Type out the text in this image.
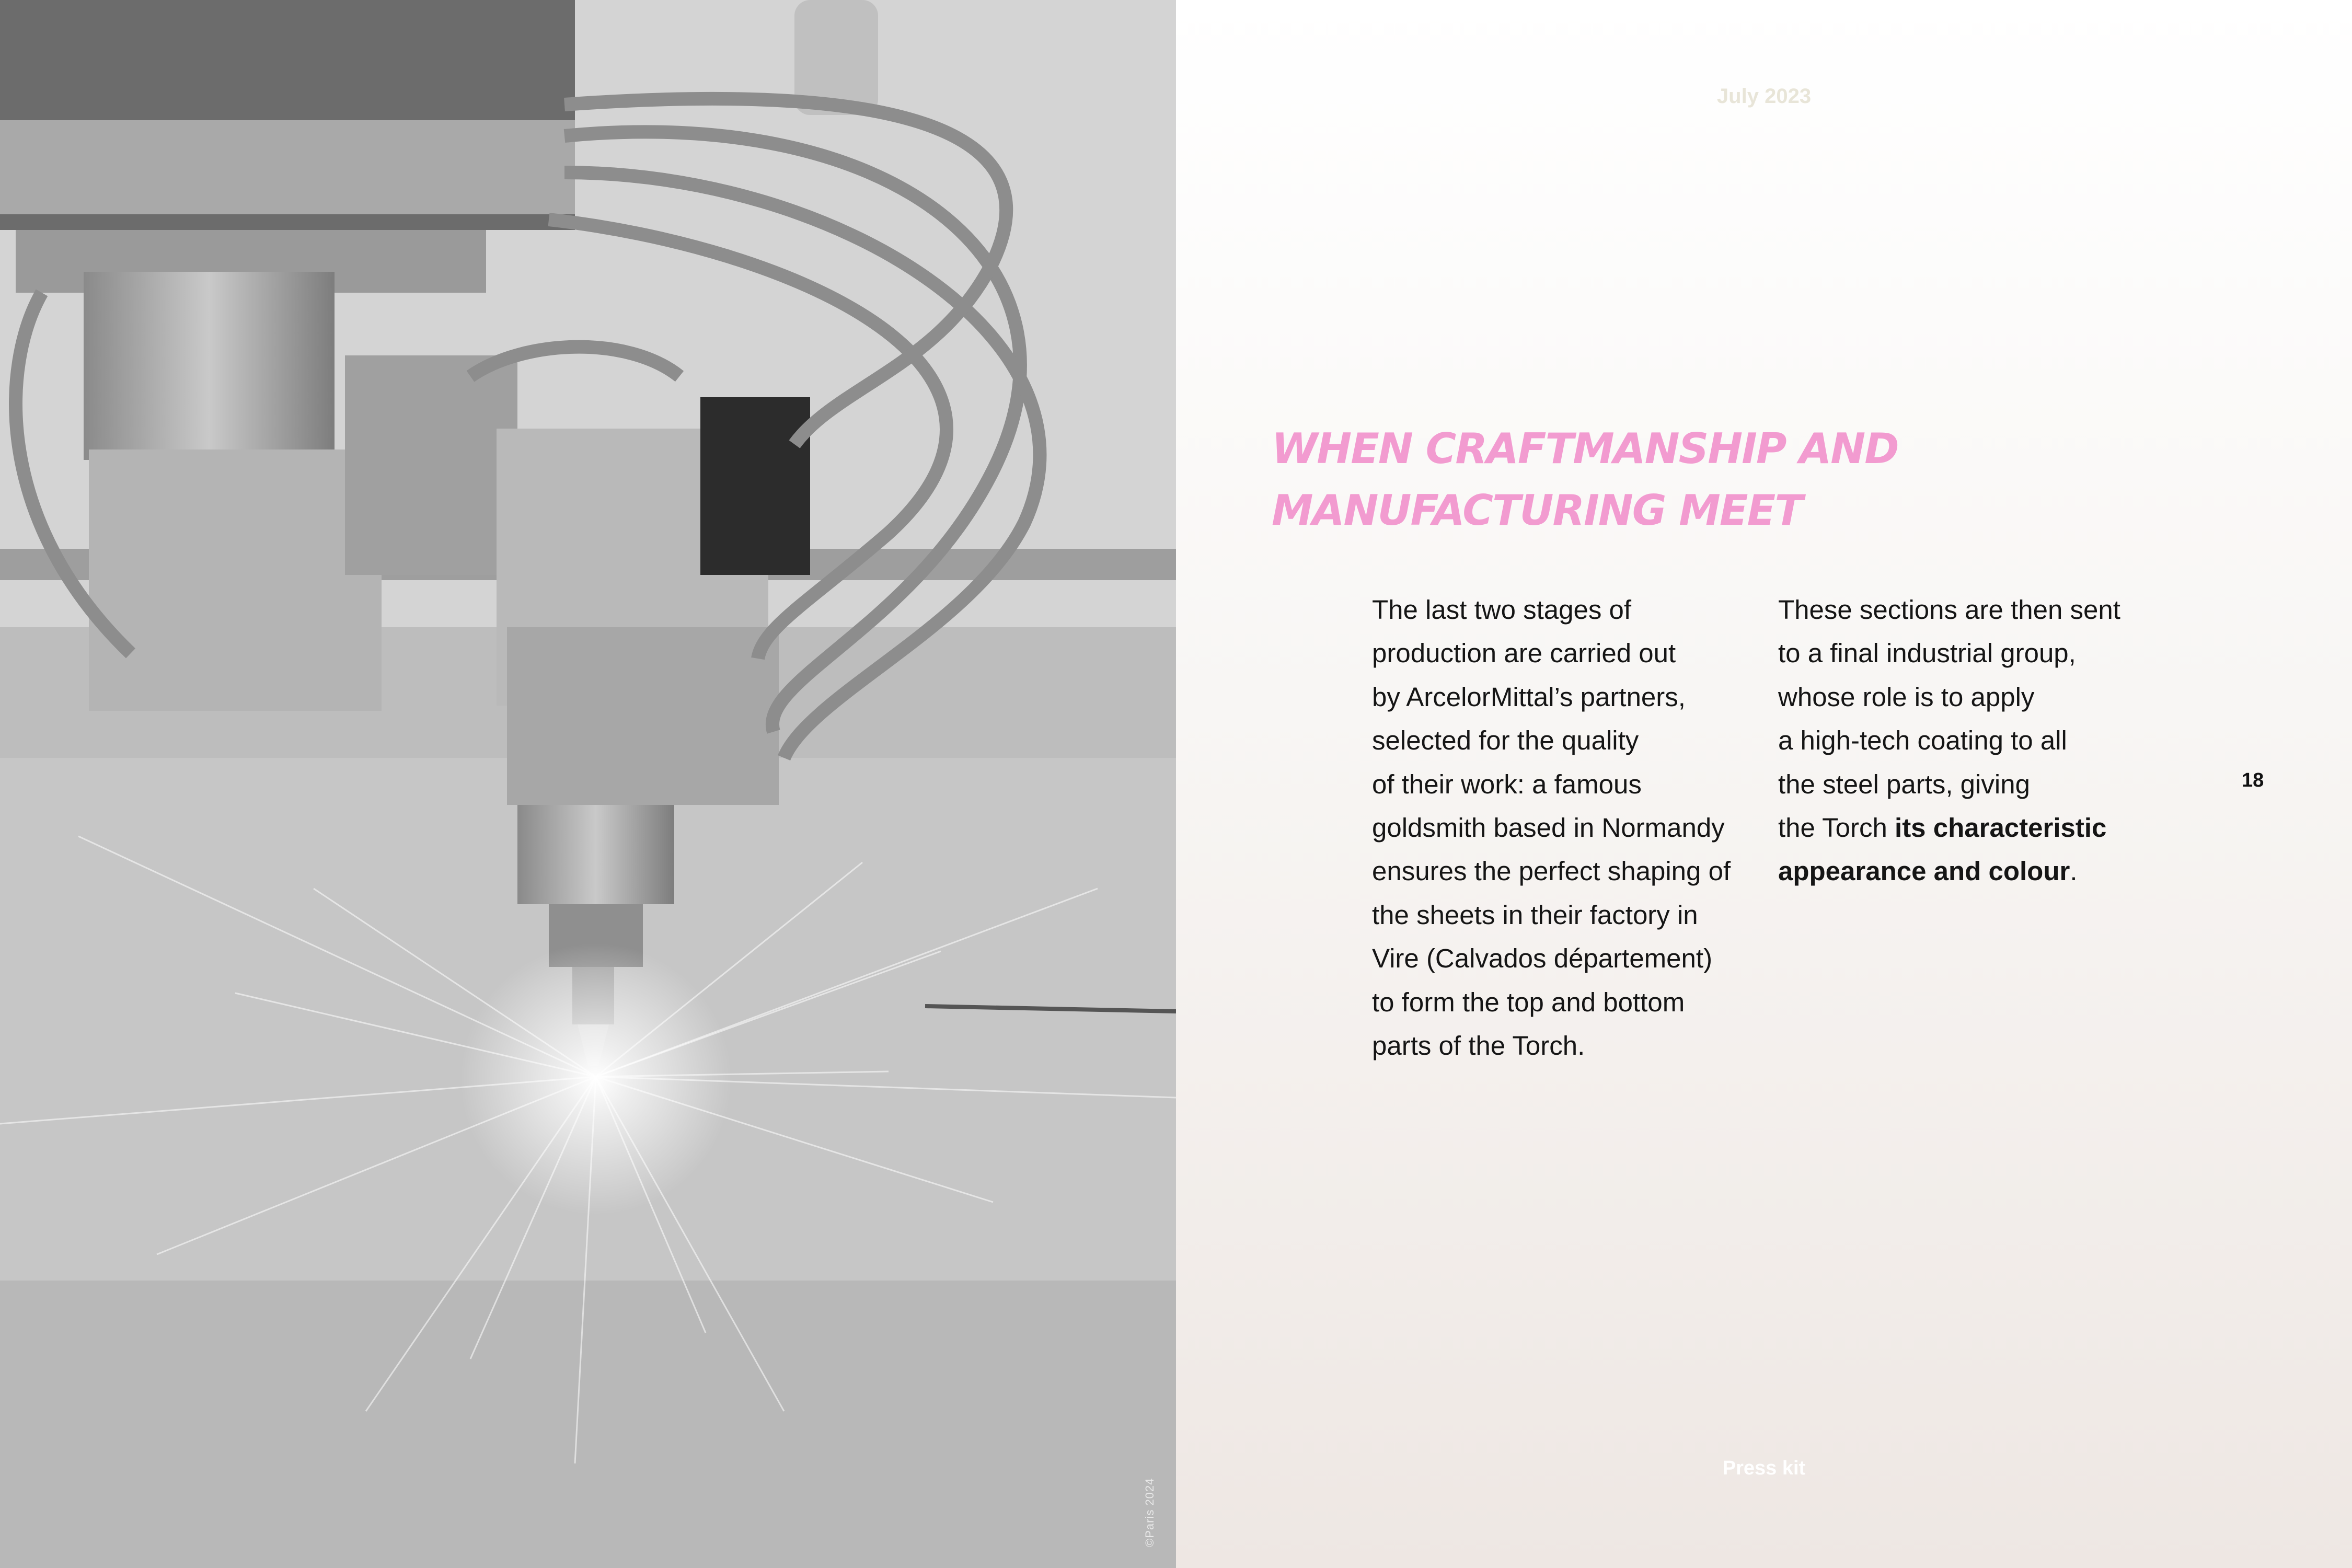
©Paris 2024
July 2023
WHEN CRAFTMANSHIP AND
MANUFACTURING MEET
The last two stages of
production are carried out
by ArcelorMittal’s partners,
selected for the quality
of their work: a famous
goldsmith based in Normandy
ensures the perfect shaping of
the sheets in their factory in
Vire (Calvados département)
to form the top and bottom
parts of the Torch.
These sections are then sent
to a final industrial group,
whose role is to apply
a high-tech coating to all
the steel parts, giving
the Torch its characteristic
appearance and colour.
18
Press kit
